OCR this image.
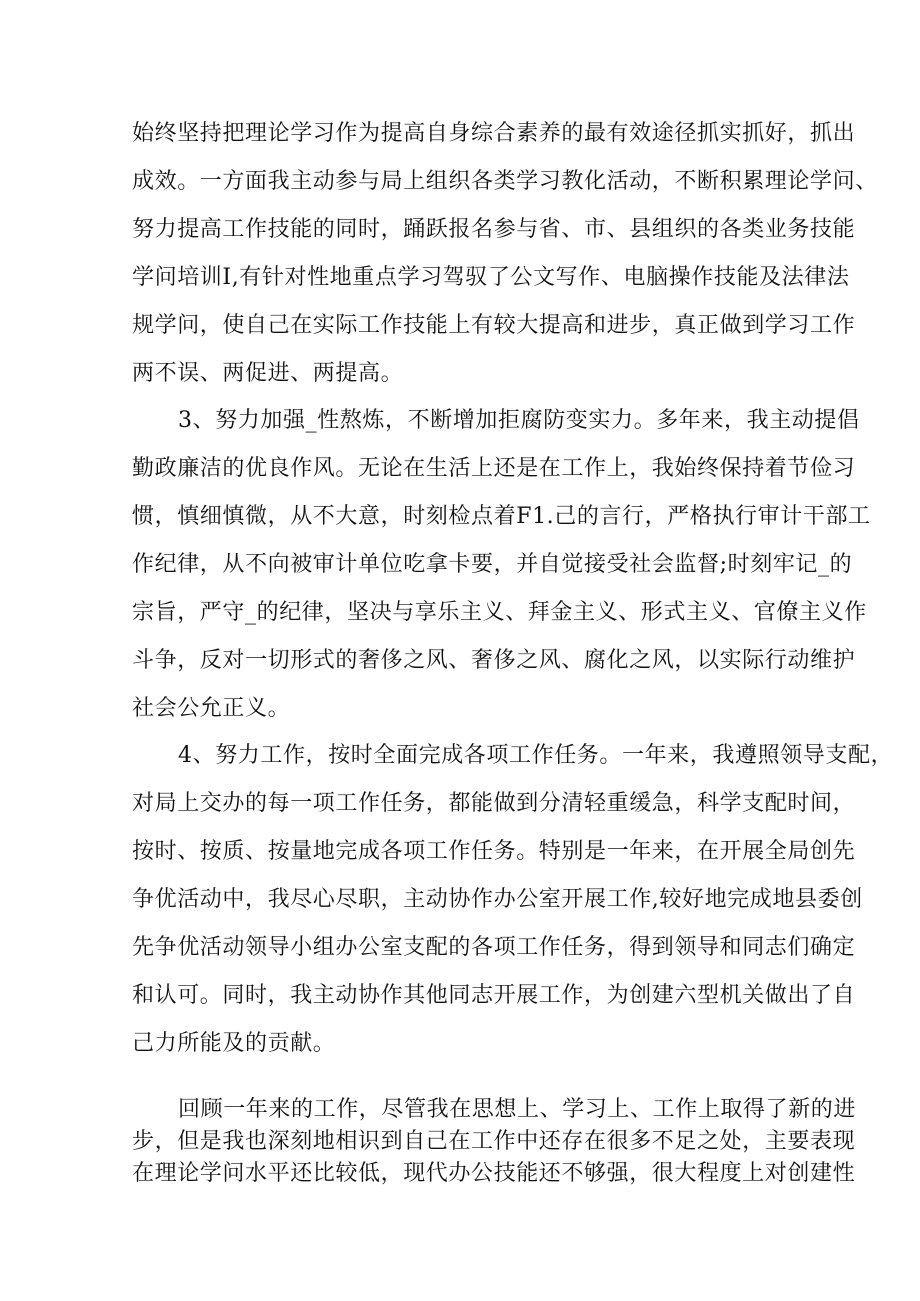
始终坚持把理论学习作为提高自身综合素养的最有效途径抓实抓好，抓出
成效。一方面我主动参与局上组织各类学习教化活动，不断积累理论学问、
努力提高工作技能的同时，踊跃报名参与省、市、县组织的各类业务技能
学问培训I,有针对性地重点学习驾驭了公文写作、电脑操作技能及法律法
规学问，使自己在实际工作技能上有较大提高和进步，真正做到学习工作
两不误、两促进、两提高。
3、努力加强_性熬炼，不断增加拒腐防变实力。多年来，我主动提倡
勤政廉洁的优良作风。无论在生活上还是在工作上，我始终保持着节俭习
惯，慎细慎微，从不大意，时刻检点着F1.己的言行，严格执行审计干部工
作纪律，从不向被审计单位吃拿卡要，并自觉接受社会监督;时刻牢记_的
宗旨，严守_的纪律，坚决与享乐主义、拜金主义、形式主义、官僚主义作
斗争，反对一切形式的奢侈之风、奢侈之风、腐化之风，以实际行动维护
社会公允正义。
4、努力工作，按时全面完成各项工作任务。一年来，我遵照领导支配，
对局上交办的每一项工作任务，都能做到分清轻重缓急，科学支配时间，
按时、按质、按量地完成各项工作任务。特别是一年来，在开展全局创先
争优活动中，我尽心尽职，主动协作办公室开展工作,较好地完成地县委创
先争优活动领导小组办公室支配的各项工作任务，得到领导和同志们确定
和认可。同时，我主动协作其他同志开展工作，为创建六型机关做出了自
己力所能及的贡献。
回顾一年来的工作，尽管我在思想上、学习上、工作上取得了新的进
步，但是我也深刻地相识到自己在工作中还存在很多不足之处，主要表现
在理论学问水平还比较低，现代办公技能还不够强，很大程度上对创建性
